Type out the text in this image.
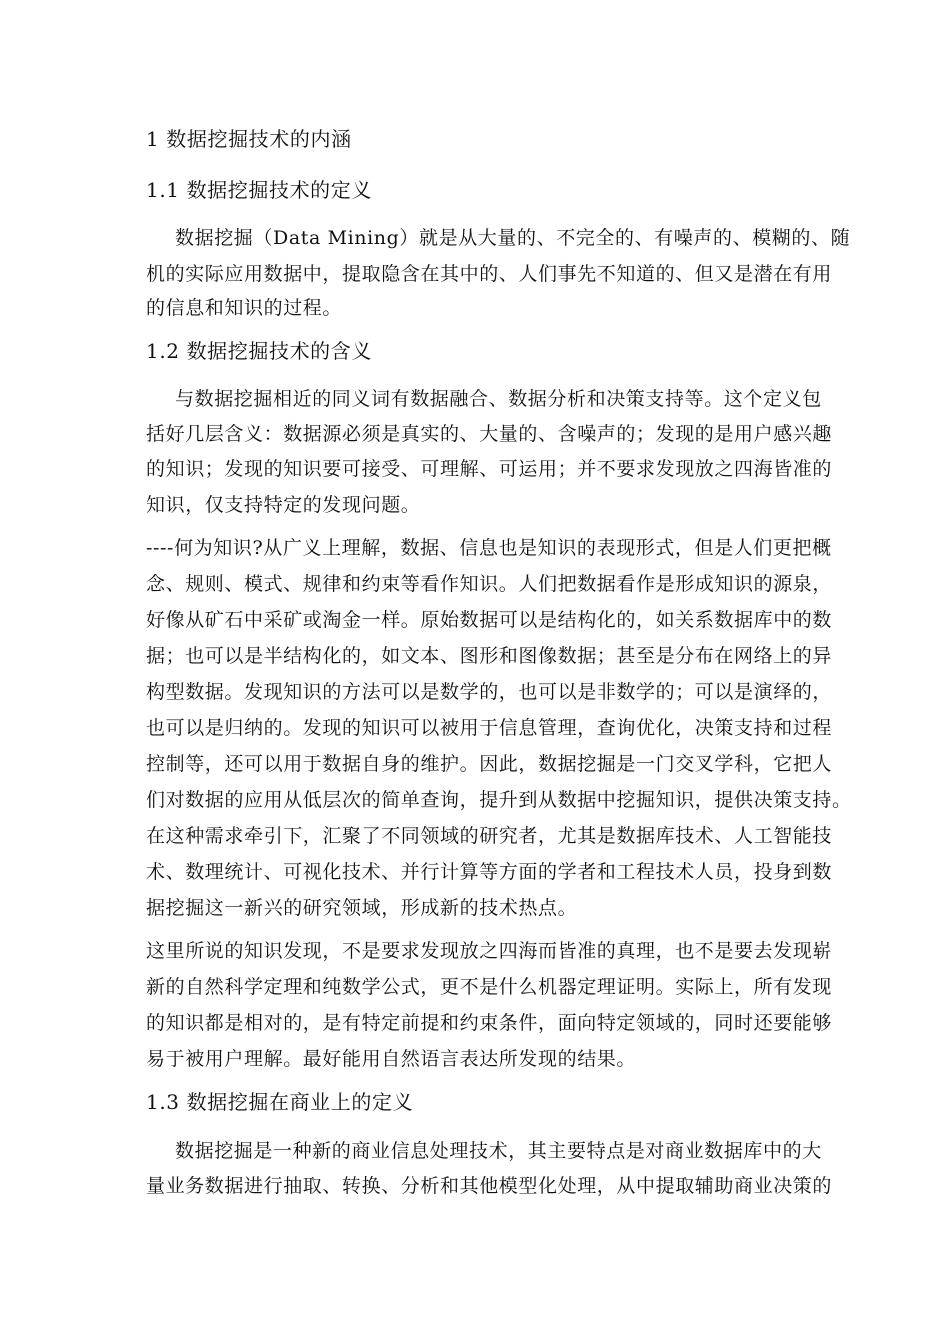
1 数据挖掘技术的内涵
1.1 数据挖掘技术的定义
数据挖掘（Data Mining）就是从大量的、不完全的、有噪声的、模糊的、随
机的实际应用数据中，提取隐含在其中的、人们事先不知道的、但又是潜在有用
的信息和知识的过程。
1.2 数据挖掘技术的含义
与数据挖掘相近的同义词有数据融合、数据分析和决策支持等。这个定义包
括好几层含义：数据源必须是真实的、大量的、含噪声的；发现的是用户感兴趣
的知识；发现的知识要可接受、可理解、可运用；并不要求发现放之四海皆准的
知识，仅支持特定的发现问题。
----何为知识?从广义上理解，数据、信息也是知识的表现形式，但是人们更把概
念、规则、模式、规律和约束等看作知识。人们把数据看作是形成知识的源泉，
好像从矿石中采矿或淘金一样。原始数据可以是结构化的，如关系数据库中的数
据；也可以是半结构化的，如文本、图形和图像数据；甚至是分布在网络上的异
构型数据。发现知识的方法可以是数学的，也可以是非数学的；可以是演绎的，
也可以是归纳的。发现的知识可以被用于信息管理，查询优化，决策支持和过程
控制等，还可以用于数据自身的维护。因此，数据挖掘是一门交叉学科，它把人
们对数据的应用从低层次的简单查询，提升到从数据中挖掘知识，提供决策支持。
在这种需求牵引下，汇聚了不同领域的研究者，尤其是数据库技术、人工智能技
术、数理统计、可视化技术、并行计算等方面的学者和工程技术人员，投身到数
据挖掘这一新兴的研究领域，形成新的技术热点。
这里所说的知识发现，不是要求发现放之四海而皆准的真理，也不是要去发现崭
新的自然科学定理和纯数学公式，更不是什么机器定理证明。实际上，所有发现
的知识都是相对的，是有特定前提和约束条件，面向特定领域的，同时还要能够
易于被用户理解。最好能用自然语言表达所发现的结果。
1.3 数据挖掘在商业上的定义
数据挖掘是一种新的商业信息处理技术，其主要特点是对商业数据库中的大
量业务数据进行抽取、转换、分析和其他模型化处理，从中提取辅助商业决策的
